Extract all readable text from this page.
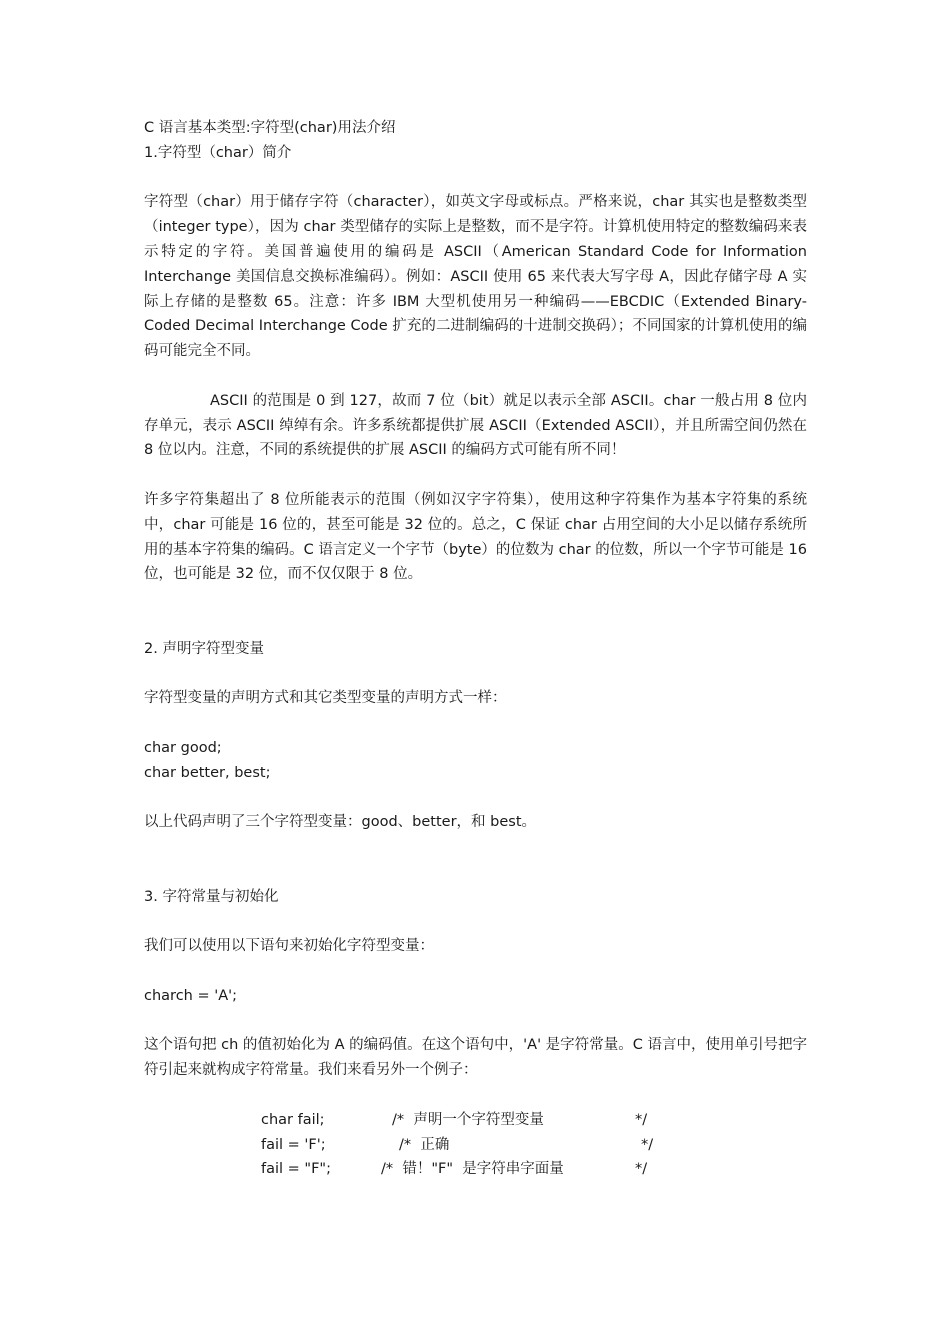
C 语言基本类型:字符型(char)用法介绍

1.字符型（char）简介

字符型（char）用于储存字符（character），如英文字母或标点。严格来说，char 其实也是整数类型（integer type），因为 char 类型储存的实际上是整数，而不是字符。计算机使用特定的整数编码来表示特定的字符。美国普遍使用的编码是 ASCII（American Standard Code for Information Interchange 美国信息交换标准编码）。例如：ASCII 使用 65 来代表大写字母 A，因此存储字母 A 实际上存储的是整数 65。注意：许多 IBM 大型机使用另一种编码——EBCDIC（Extended Binary-Coded Decimal Interchange Code 扩充的二进制编码的十进制交换码）；不同国家的计算机使用的编码可能完全不同。

ASCII 的范围是 0 到 127，故而 7 位（bit）就足以表示全部 ASCII。char 一般占用 8 位内存单元，表示 ASCII 绰绰有余。许多系统都提供扩展 ASCII（Extended ASCII），并且所需空间仍然在 8 位以内。注意，不同的系统提供的扩展 ASCII 的编码方式可能有所不同！

许多字符集超出了 8 位所能表示的范围（例如汉字字符集），使用这种字符集作为基本字符集的系统中，char 可能是 16 位的，甚至可能是 32 位的。总之，C 保证 char 占用空间的大小足以储存系统所用的基本字符集的编码。C 语言定义一个字节（byte）的位数为 char 的位数，所以一个字节可能是 16 位，也可能是 32 位，而不仅仅限于 8 位。

2. 声明字符型变量

字符型变量的声明方式和其它类型变量的声明方式一样：

char good;

char better, best;

以上代码声明了三个字符型变量：good、better，和 best。

3. 字符常量与初始化

我们可以使用以下语句来初始化字符型变量：

charch = 'A';

这个语句把 ch 的值初始化为 A 的编码值。在这个语句中，'A' 是字符常量。C 语言中，使用单引号把字符引起来就构成字符常量。我们来看另外一个例子：

char fail;	/*  声明一个字符型变量	*/
fail = 'F';	/*  正确	*/
fail = "F";	/*  错！"F"  是字符串字面量	*/
